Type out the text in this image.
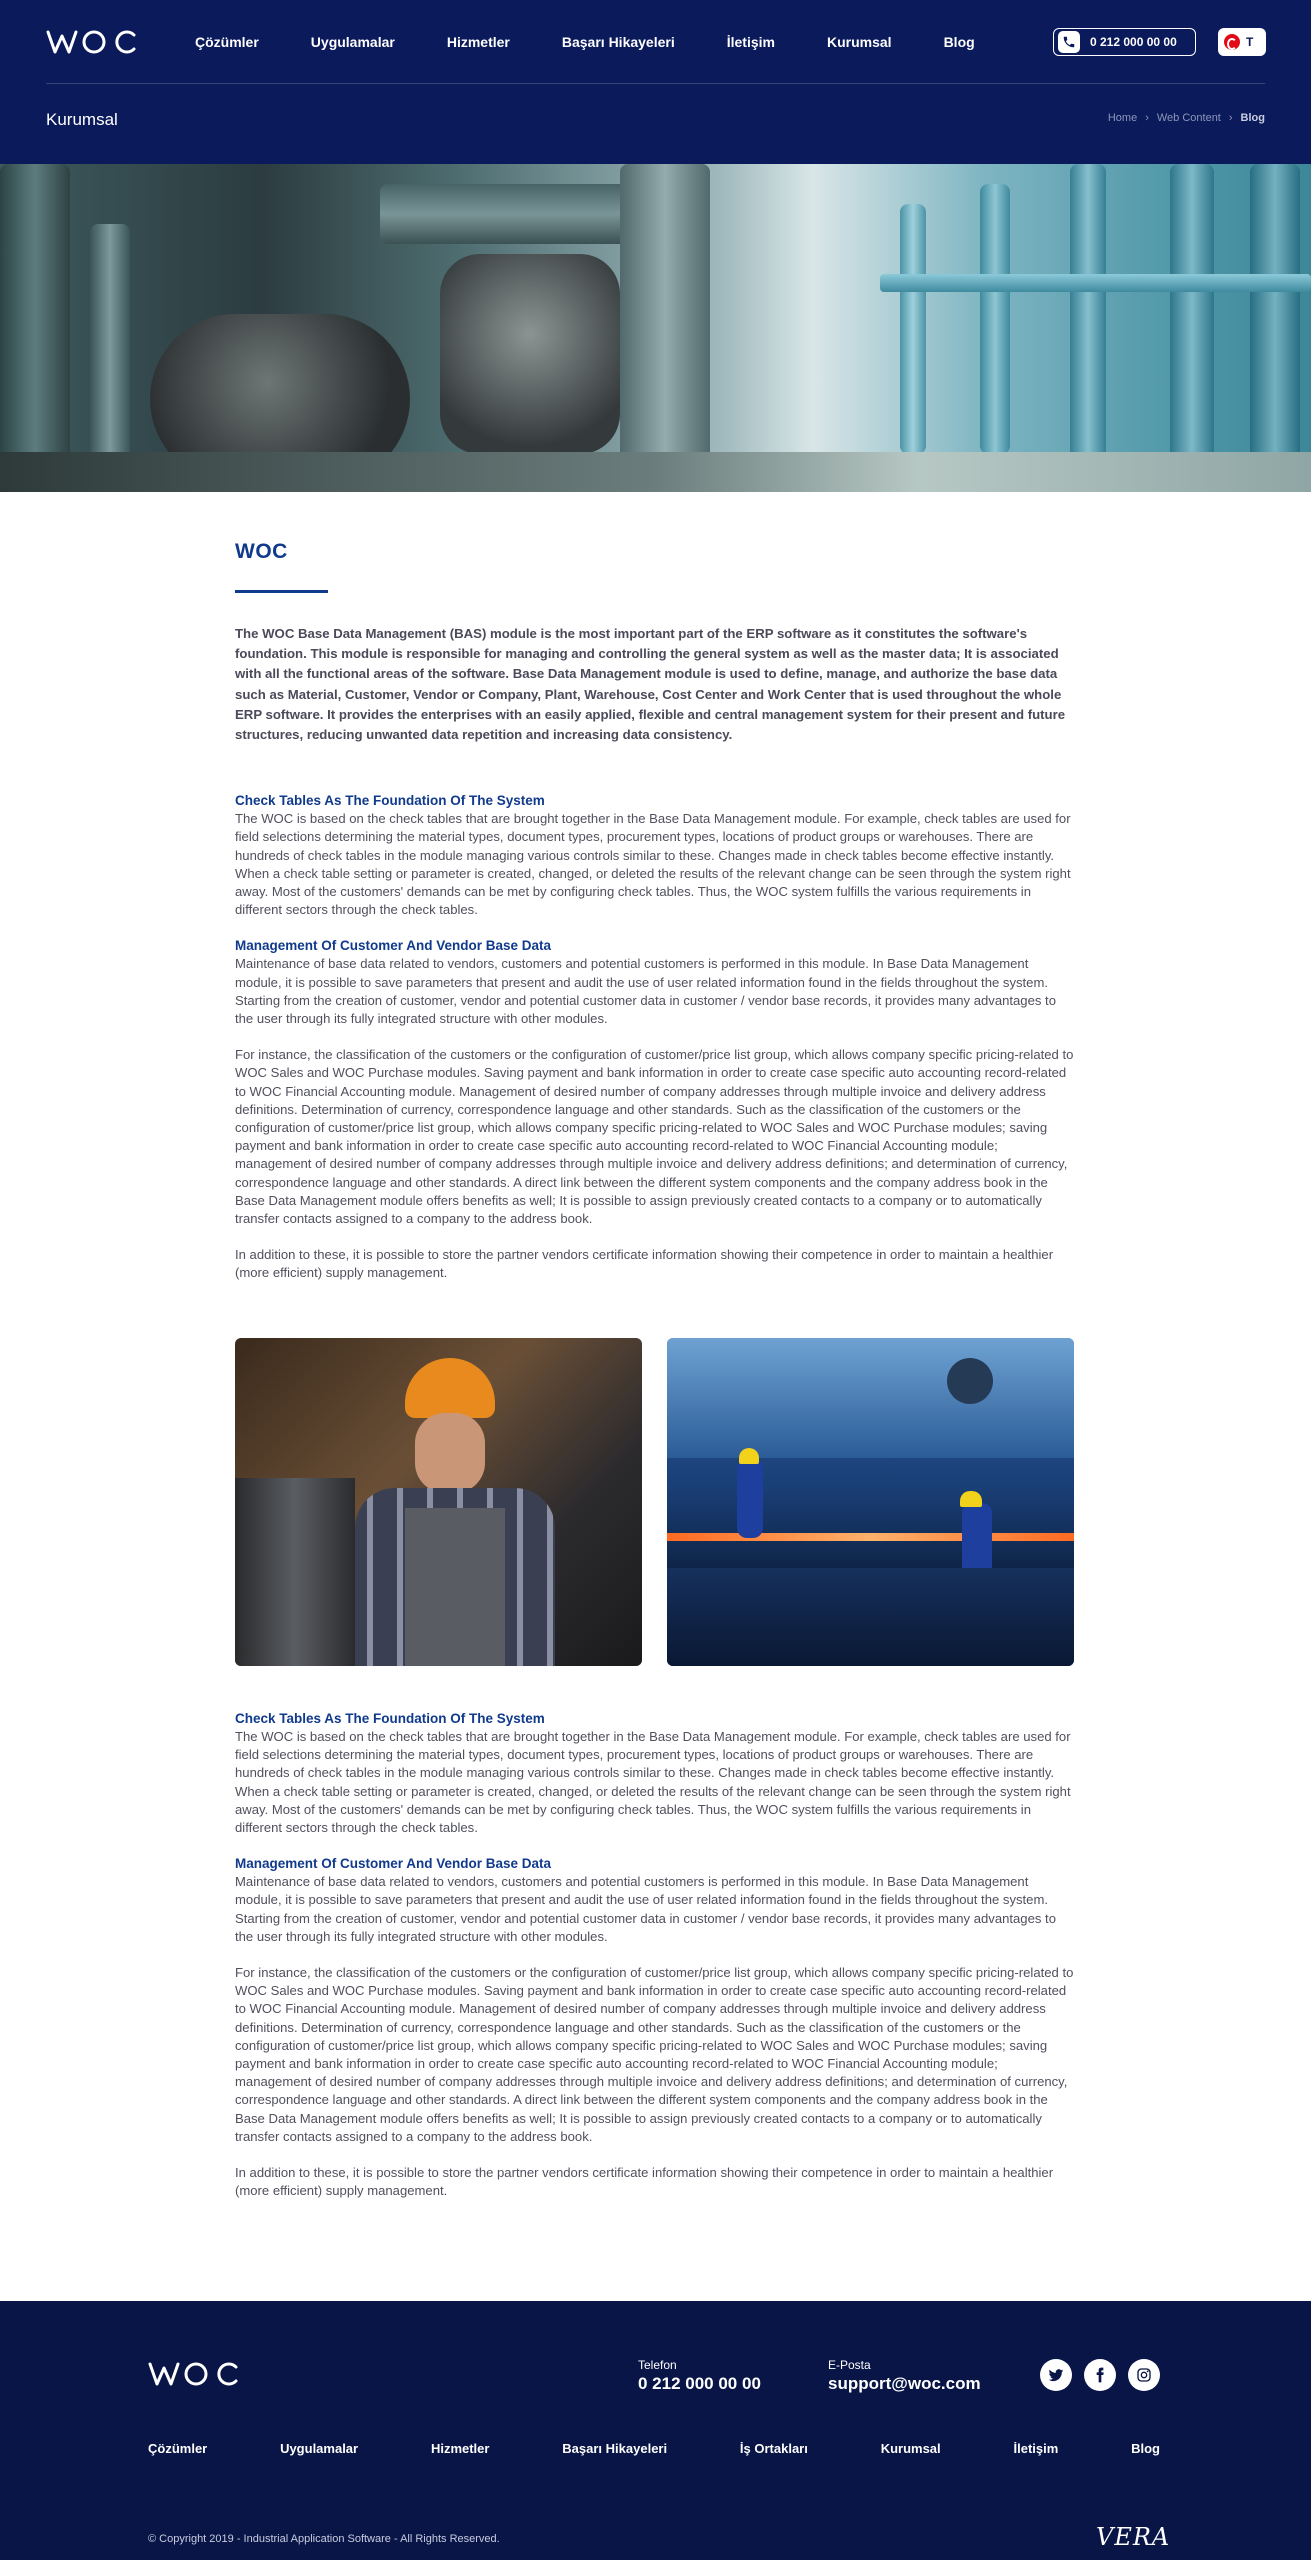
Çözümler	Uygulamalar	Hizmetler	Başarı Hikayeleri	İletişim	Kurumsal	Blog	0 212 000 00 00	T
Kurumsal	Home › Web Content › Blog
WOC

The WOC Base Data Management (BAS) module is the most important part of the ERP software as it constitutes the software's foundation. This module is responsible for managing and controlling the general system as well as the master data; It is associated with all the functional areas of the software. Base Data Management module is used to define, manage, and authorize the base data such as Material, Customer, Vendor or Company, Plant, Warehouse, Cost Center and Work Center that is used throughout the whole ERP software. It provides the enterprises with an easily applied, flexible and central management system for their present and future structures, reducing unwanted data repetition and increasing data consistency.

Check Tables As The Foundation Of The System

The WOC is based on the check tables that are brought together in the Base Data Management module. For example, check tables are used for field selections determining the material types, document types, procurement types, locations of product groups or warehouses. There are hundreds of check tables in the module managing various controls similar to these. Changes made in check tables become effective instantly. When a check table setting or parameter is created, changed, or deleted the results of the relevant change can be seen through the system right away. Most of the customers' demands can be met by configuring check tables. Thus, the WOC system fulfills the various requirements in different sectors through the check tables.

Management Of Customer And Vendor Base Data

Maintenance of base data related to vendors, customers and potential customers is performed in this module. In Base Data Management module, it is possible to save parameters that present and audit the use of user related information found in the fields throughout the system. Starting from the creation of customer, vendor and potential customer data in customer / vendor base records, it provides many advantages to the user through its fully integrated structure with other modules.

For instance, the classification of the customers or the configuration of customer/price list group, which allows company specific pricing-related to WOC Sales and WOC Purchase modules. Saving payment and bank information in order to create case specific auto accounting record-related to WOC Financial Accounting module. Management of desired number of company addresses through multiple invoice and delivery address definitions. Determination of currency, correspondence language and other standards. Such as the classification of the customers or the configuration of customer/price list group, which allows company specific pricing-related to WOC Sales and WOC Purchase modules; saving payment and bank information in order to create case specific auto accounting record-related to WOC Financial Accounting module; management of desired number of company addresses through multiple invoice and delivery address definitions; and determination of currency, correspondence language and other standards. A direct link between the different system components and the company address book in the Base Data Management module offers benefits as well; It is possible to assign previously created contacts to a company or to automatically transfer contacts assigned to a company to the address book.

In addition to these, it is possible to store the partner vendors certificate information showing their competence in order to maintain a healthier (more efficient) supply management.

Check Tables As The Foundation Of The System

The WOC is based on the check tables that are brought together in the Base Data Management module. For example, check tables are used for field selections determining the material types, document types, procurement types, locations of product groups or warehouses. There are hundreds of check tables in the module managing various controls similar to these. Changes made in check tables become effective instantly. When a check table setting or parameter is created, changed, or deleted the results of the relevant change can be seen through the system right away. Most of the customers' demands can be met by configuring check tables. Thus, the WOC system fulfills the various requirements in different sectors through the check tables.

Management Of Customer And Vendor Base Data

Maintenance of base data related to vendors, customers and potential customers is performed in this module. In Base Data Management module, it is possible to save parameters that present and audit the use of user related information found in the fields throughout the system. Starting from the creation of customer, vendor and potential customer data in customer / vendor base records, it provides many advantages to the user through its fully integrated structure with other modules.

For instance, the classification of the customers or the configuration of customer/price list group, which allows company specific pricing-related to WOC Sales and WOC Purchase modules. Saving payment and bank information in order to create case specific auto accounting record-related to WOC Financial Accounting module. Management of desired number of company addresses through multiple invoice and delivery address definitions. Determination of currency, correspondence language and other standards. Such as the classification of the customers or the configuration of customer/price list group, which allows company specific pricing-related to WOC Sales and WOC Purchase modules; saving payment and bank information in order to create case specific auto accounting record-related to WOC Financial Accounting module; management of desired number of company addresses through multiple invoice and delivery address definitions; and determination of currency, correspondence language and other standards. A direct link between the different system components and the company address book in the Base Data Management module offers benefits as well; It is possible to assign previously created contacts to a company or to automatically transfer contacts assigned to a company to the address book.

In addition to these, it is possible to store the partner vendors certificate information showing their competence in order to maintain a healthier (more efficient) supply management.

Telefon
0 212 000 00 00
E-Posta
support@woc.com
Çözümler	Uygulamalar	Hizmetler	Başarı Hikayeleri	İş Ortakları	Kurumsal	İletişim	Blog
© Copyright 2019 - Industrial Application Software - All Rights Reserved.	VERA
